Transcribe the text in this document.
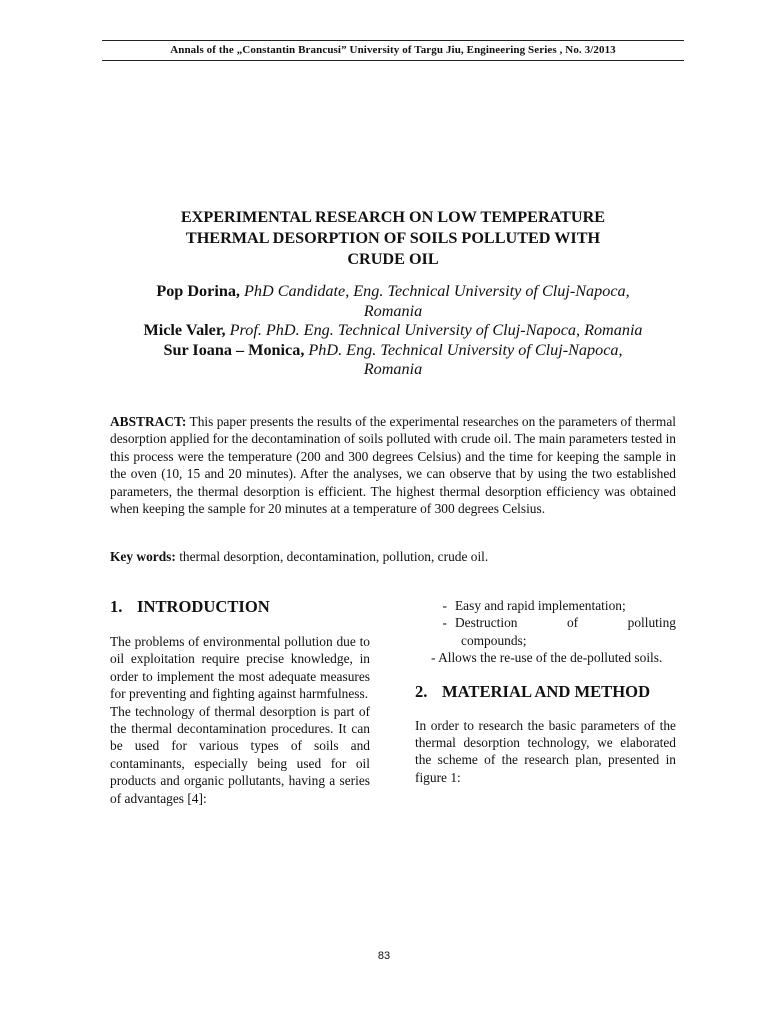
Annals of the „Constantin Brancusi” University of Targu Jiu, Engineering Series , No. 3/2013
EXPERIMENTAL RESEARCH ON LOW TEMPERATURE
THERMAL DESORPTION OF SOILS POLLUTED WITH
CRUDE OIL
Pop Dorina, PhD Candidate, Eng. Technical University of Cluj-Napoca,
Romania
Micle Valer, Prof. PhD. Eng. Technical University of Cluj-Napoca, Romania
Sur Ioana – Monica, PhD. Eng. Technical University of Cluj-Napoca,
Romania

ABSTRACT: This paper presents the results of the experimental researches on the parameters of thermal desorption applied for the decontamination of soils polluted with crude oil. The main parameters tested in this process were the temperature (200 and 300 degrees Celsius) and the time for keeping the sample in the oven (10, 15 and 20 minutes). After the analyses, we can observe that by using the two established parameters, the thermal desorption is efficient. The highest thermal desorption efficiency was obtained when keeping the sample for 20 minutes at a temperature of 300 degrees Celsius.

Key words: thermal desorption, decontamination, pollution, crude oil.

1. INTRODUCTION

The problems of environmental pollution due to oil exploitation require precise knowledge, in order to implement the most adequate measures for preventing and fighting against harmfulness.

The technology of thermal desorption is part of the thermal decontamination procedures. It can be used for various types of soils and contaminants, especially being used for oil products and organic pollutants, having a series of advantages [4]:

- Easy and rapid implementation;
- Destruction of polluting
compounds;

- Allows the re-use of the de-polluted soils.

2. MATERIAL AND METHOD

In order to research the basic parameters of the thermal desorption technology, we elaborated the scheme of the research plan, presented in figure 1:

83
